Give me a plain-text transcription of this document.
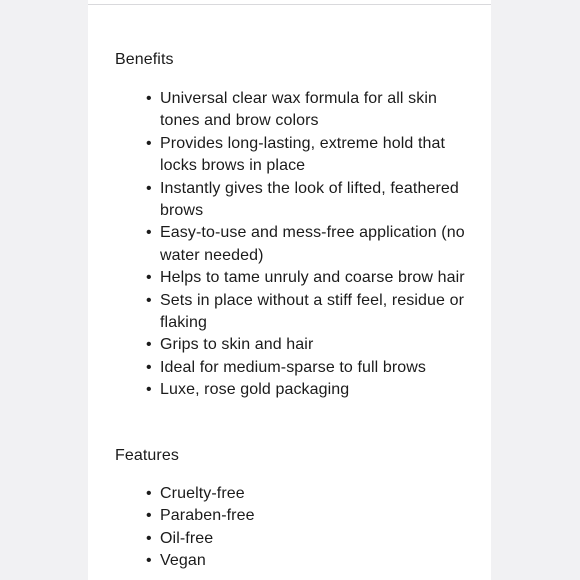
Benefits
• Universal clear wax formula for all skin tones and brow colors
• Provides long-lasting, extreme hold that locks brows in place
• Instantly gives the look of lifted, feathered brows
• Easy-to-use and mess-free application (no water needed)
• Helps to tame unruly and coarse brow hair
• Sets in place without a stiff feel, residue or flaking
• Grips to skin and hair
• Ideal for medium-sparse to full brows
• Luxe, rose gold packaging
Features
• Cruelty-free
• Paraben-free
• Oil-free
• Vegan
